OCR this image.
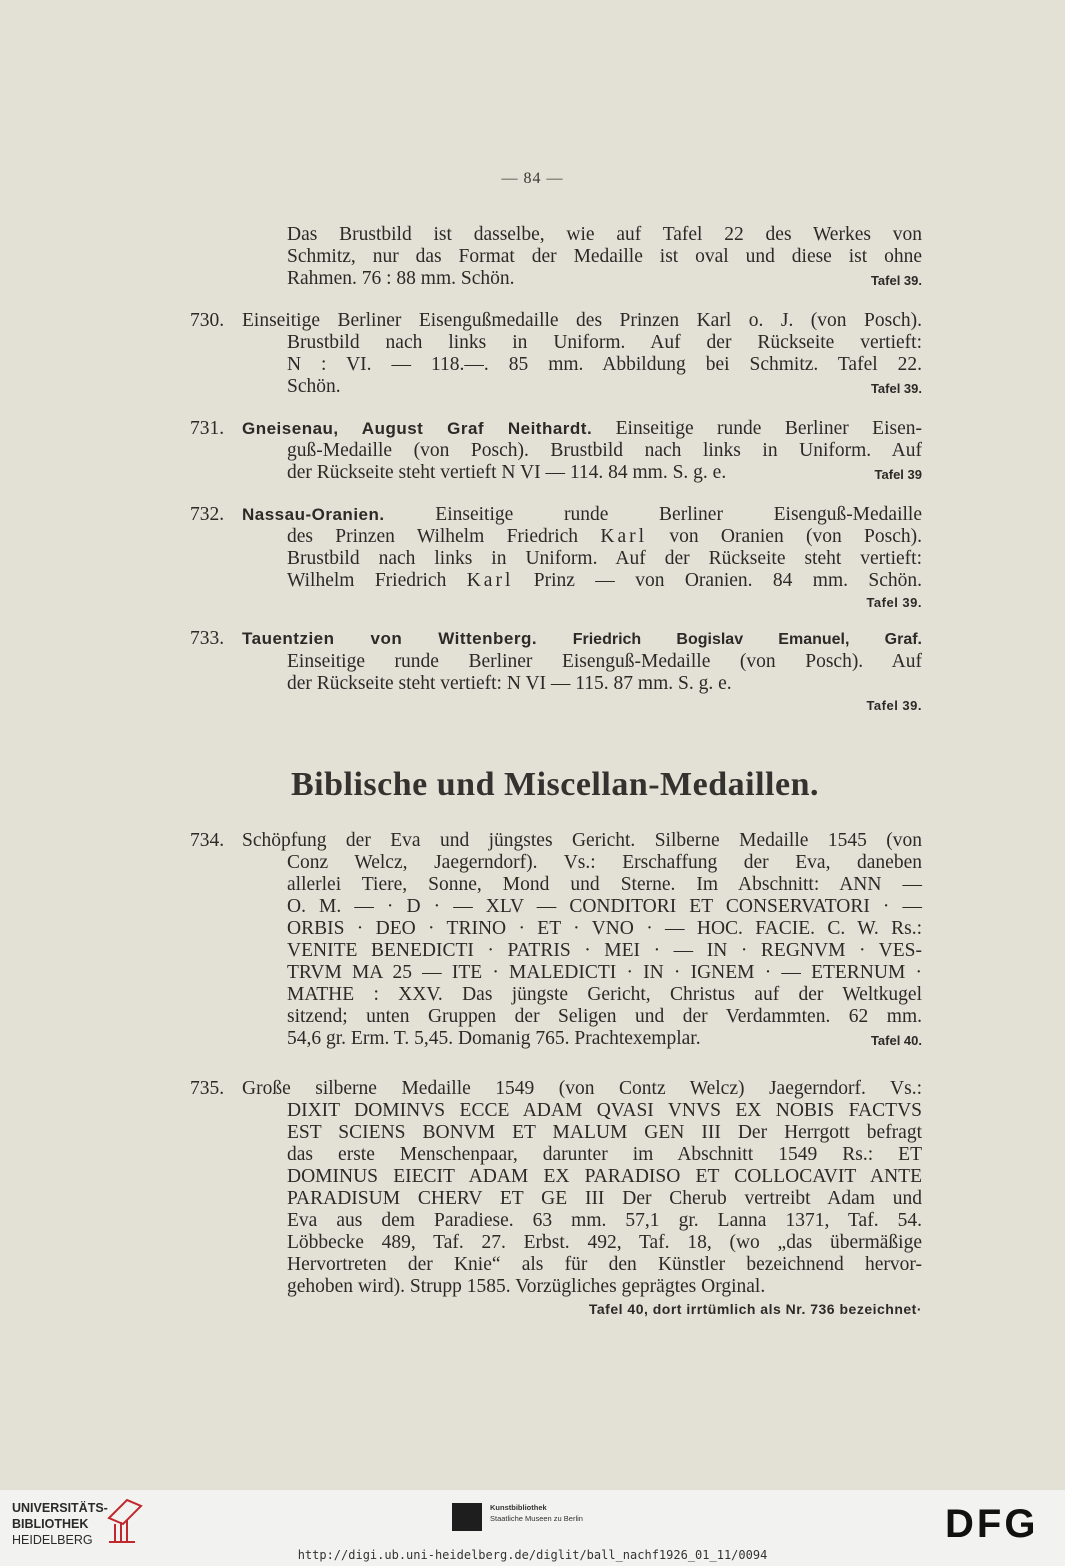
— 84 —
Das Brustbild ist dasselbe, wie auf Tafel 22 des Werkes von
Schmitz, nur das Format der Medaille ist oval und diese ist ohne
Tafel 39.
Rahmen. 76 : 88 mm. Schön.
730. Einseitige Berliner Eisengußmedaille des Prinzen Karl o. J. (von Posch).
Brustbild nach links in Uniform. Auf der Rückseite vertieft:
N : VI. — 118.—. 85 mm. Abbildung bei Schmitz. Tafel 22.
Tafel 39.
Schön.
731. Gneisenau, August Graf Neithardt. Einseitige runde Berliner Eisen-
guß-Medaille (von Posch). Brustbild nach links in Uniform. Auf
Tafel 39
der Rückseite steht vertieft N VI — 114. 84 mm. S. g. e.
732. Nassau-Oranien.	Einseitige runde Berliner Eisenguß-Medaille
des Prinzen Wilhelm Friedrich Karl von Oranien (von Posch).
Brustbild nach links in Uniform. Auf der Rückseite steht vertieft:
Wilhelm Friedrich Karl Prinz — von Oranien. 84 mm. Schön.
Tafel 39.
733. Tauentzien von Wittenberg. Friedrich Bogislav Emanuel, Graf.
Einseitige runde Berliner Eisenguß-Medaille (von Posch). Auf
der Rückseite steht vertieft: N VI — 115. 87 mm. S. g. e.
Tafel 39.
Biblische und Miscellan-Medaillen.
734. Schöpfung der Eva und jüngstes Gericht. Silberne Medaille 1545 (von
Conz Welcz, Jaegerndorf). Vs.: Erschaffung der Eva, daneben
allerlei Tiere, Sonne, Mond und Sterne. Im Abschnitt: ANN —
O. M. — · D · — XLV — CONDITORI ET CONSERVATORI · —
ORBIS · DEO · TRINO · ET · VNO · — HOC. FACIE. C. W. Rs.:
VENITE BENEDICTI · PATRIS · MEI · — IN · REGNVM · VES-
TRVM MA 25 — ITE · MALEDICTI · IN · IGNEM · — ETERNUM ·
MATHE : XXV. Das jüngste Gericht, Christus auf der Weltkugel
sitzend; unten Gruppen der Seligen und der Verdammten. 62 mm.
Tafel 40.
54,6 gr. Erm. T. 5,45. Domanig 765. Prachtexemplar.
735. Große silberne Medaille 1549 (von Contz Welcz) Jaegerndorf. Vs.:
DIXIT DOMINVS ECCE ADAM QVASI VNVS EX NOBIS FACTVS
EST SCIENS BONVM ET MALUM GEN III Der Herrgott befragt
das erste Menschenpaar, darunter im Abschnitt 1549 Rs.: ET
DOMINUS EIECIT ADAM EX PARADISO ET COLLOCAVIT ANTE
PARADISUM CHERV ET GE III Der Cherub vertreibt Adam und
Eva aus dem Paradiese. 63 mm. 57,1 gr. Lanna 1371, Taf. 54.
Löbbecke 489, Taf. 27. Erbst. 492, Taf. 18, (wo „das übermäßige
Hervortreten der Knie“ als für den Künstler bezeichnend hervor-
gehoben wird). Strupp 1585. Vorzügliches geprägtes Orginal.
Tafel 40, dort irrtümlich als Nr. 736 bezeichnet·
UNIVERSITÄTS-
BIBLIOTHEK
HEIDELBERG
Kunstbibliothek
Staatliche Museen zu Berlin	DFG
http://digi.ub.uni-heidelberg.de/diglit/ball_nachf1926_01_11/0094
